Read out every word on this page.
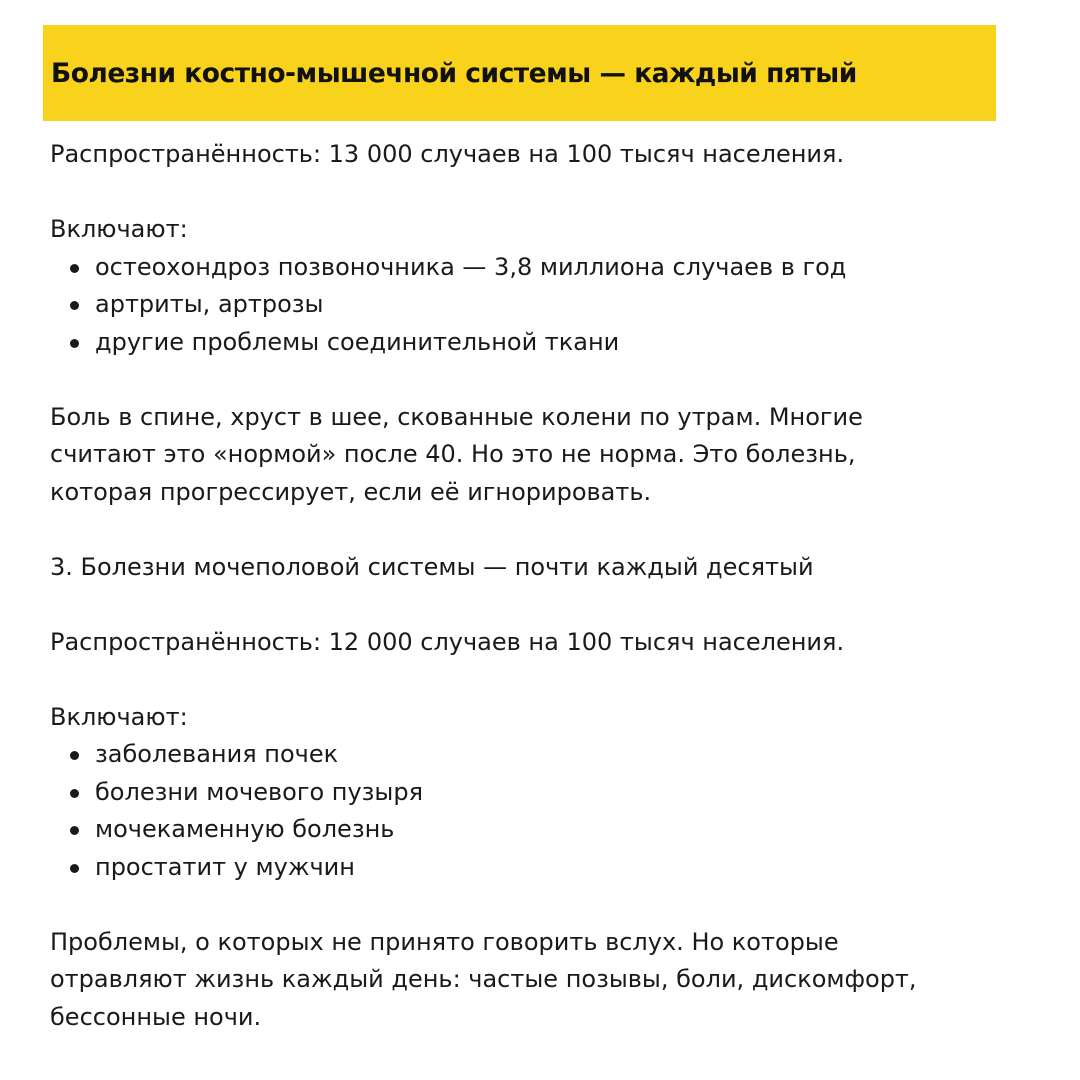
Болезни костно-мышечной системы — каждый пятый

Распространённость: 13 000 случаев на 100 тысяч населения.

Включают:

остеохондроз позвоночника — 3,8 миллиона случаев в год
артриты, артрозы
другие проблемы соединительной ткани

Боль в спине, хруст в шее, скованные колени по утрам. Многие
считают это «нормой» после 40. Но это не норма. Это болезнь,
которая прогрессирует, если её игнорировать.

3. Болезни мочеполовой системы — почти каждый десятый

Распространённость: 12 000 случаев на 100 тысяч населения.

Включают:

заболевания почек
болезни мочевого пузыря
мочекаменную болезнь
простатит у мужчин

Проблемы, о которых не принято говорить вслух. Но которые
отравляют жизнь каждый день: частые позывы, боли, дискомфорт,
бессонные ночи.
